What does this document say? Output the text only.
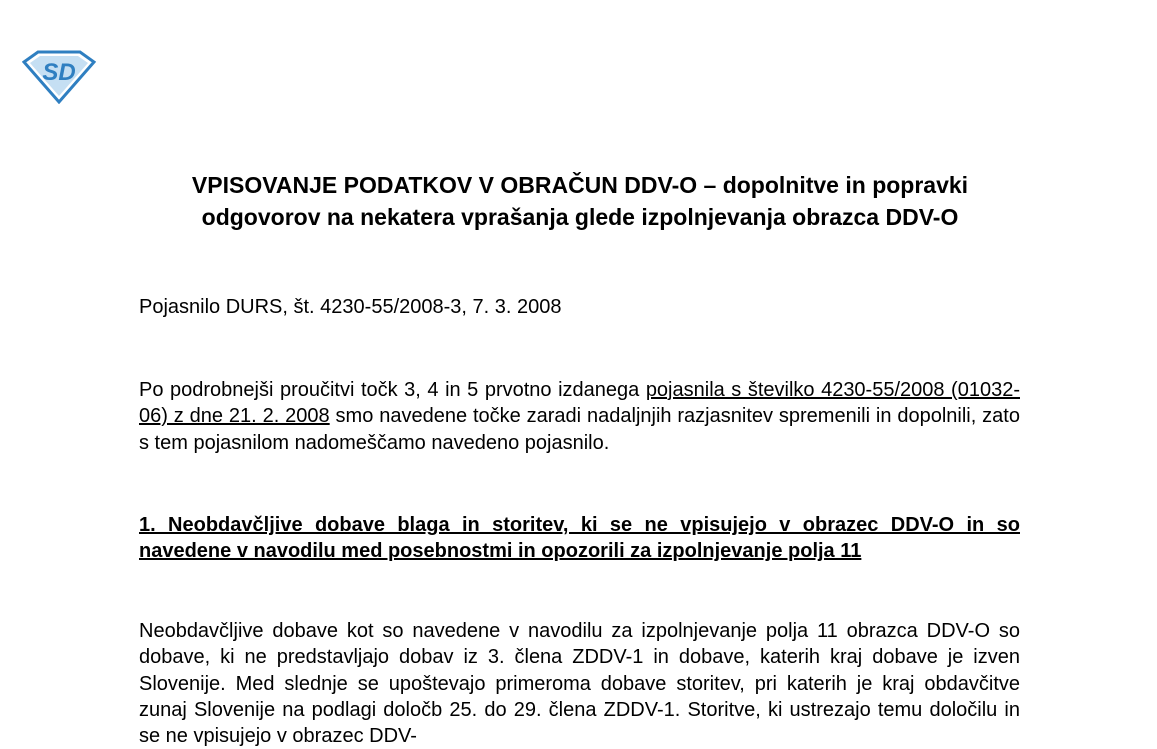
SD
VPISOVANJE PODATKOV V OBRAČUN DDV-O – dopolnitve in popravki odgovorov na nekatera vprašanja glede izpolnjevanja obrazca DDV-O
Pojasnilo DURS, št. 4230-55/2008-3, 7. 3. 2008
Po podrobnejši proučitvi točk 3, 4 in 5 prvotno izdanega pojasnila s številko 4230-55/2008 (01032-06) z dne 21. 2. 2008 smo navedene točke zaradi nadaljnjih razjasnitev spremenili in dopolnili, zato s tem pojasnilom nadomeščamo navedeno pojasnilo.
1. Neobdavčljive dobave blaga in storitev, ki se ne vpisujejo v obrazec DDV-O in so navedene v navodilu med posebnostmi in opozorili za izpolnjevanje polja 11
Neobdavčljive dobave kot so navedene v navodilu za izpolnjevanje polja 11 obrazca DDV-O so dobave, ki ne predstavljajo dobav iz 3. člena ZDDV-1 in dobave, katerih kraj dobave je izven Slovenije. Med slednje se upoštevajo primeroma dobave storitev, pri katerih je kraj obdavčitve zunaj Slovenije na podlagi določb 25. do 29. člena ZDDV-1. Storitve, ki ustrezajo temu določilu in se ne vpisujejo v obrazec DDV-
